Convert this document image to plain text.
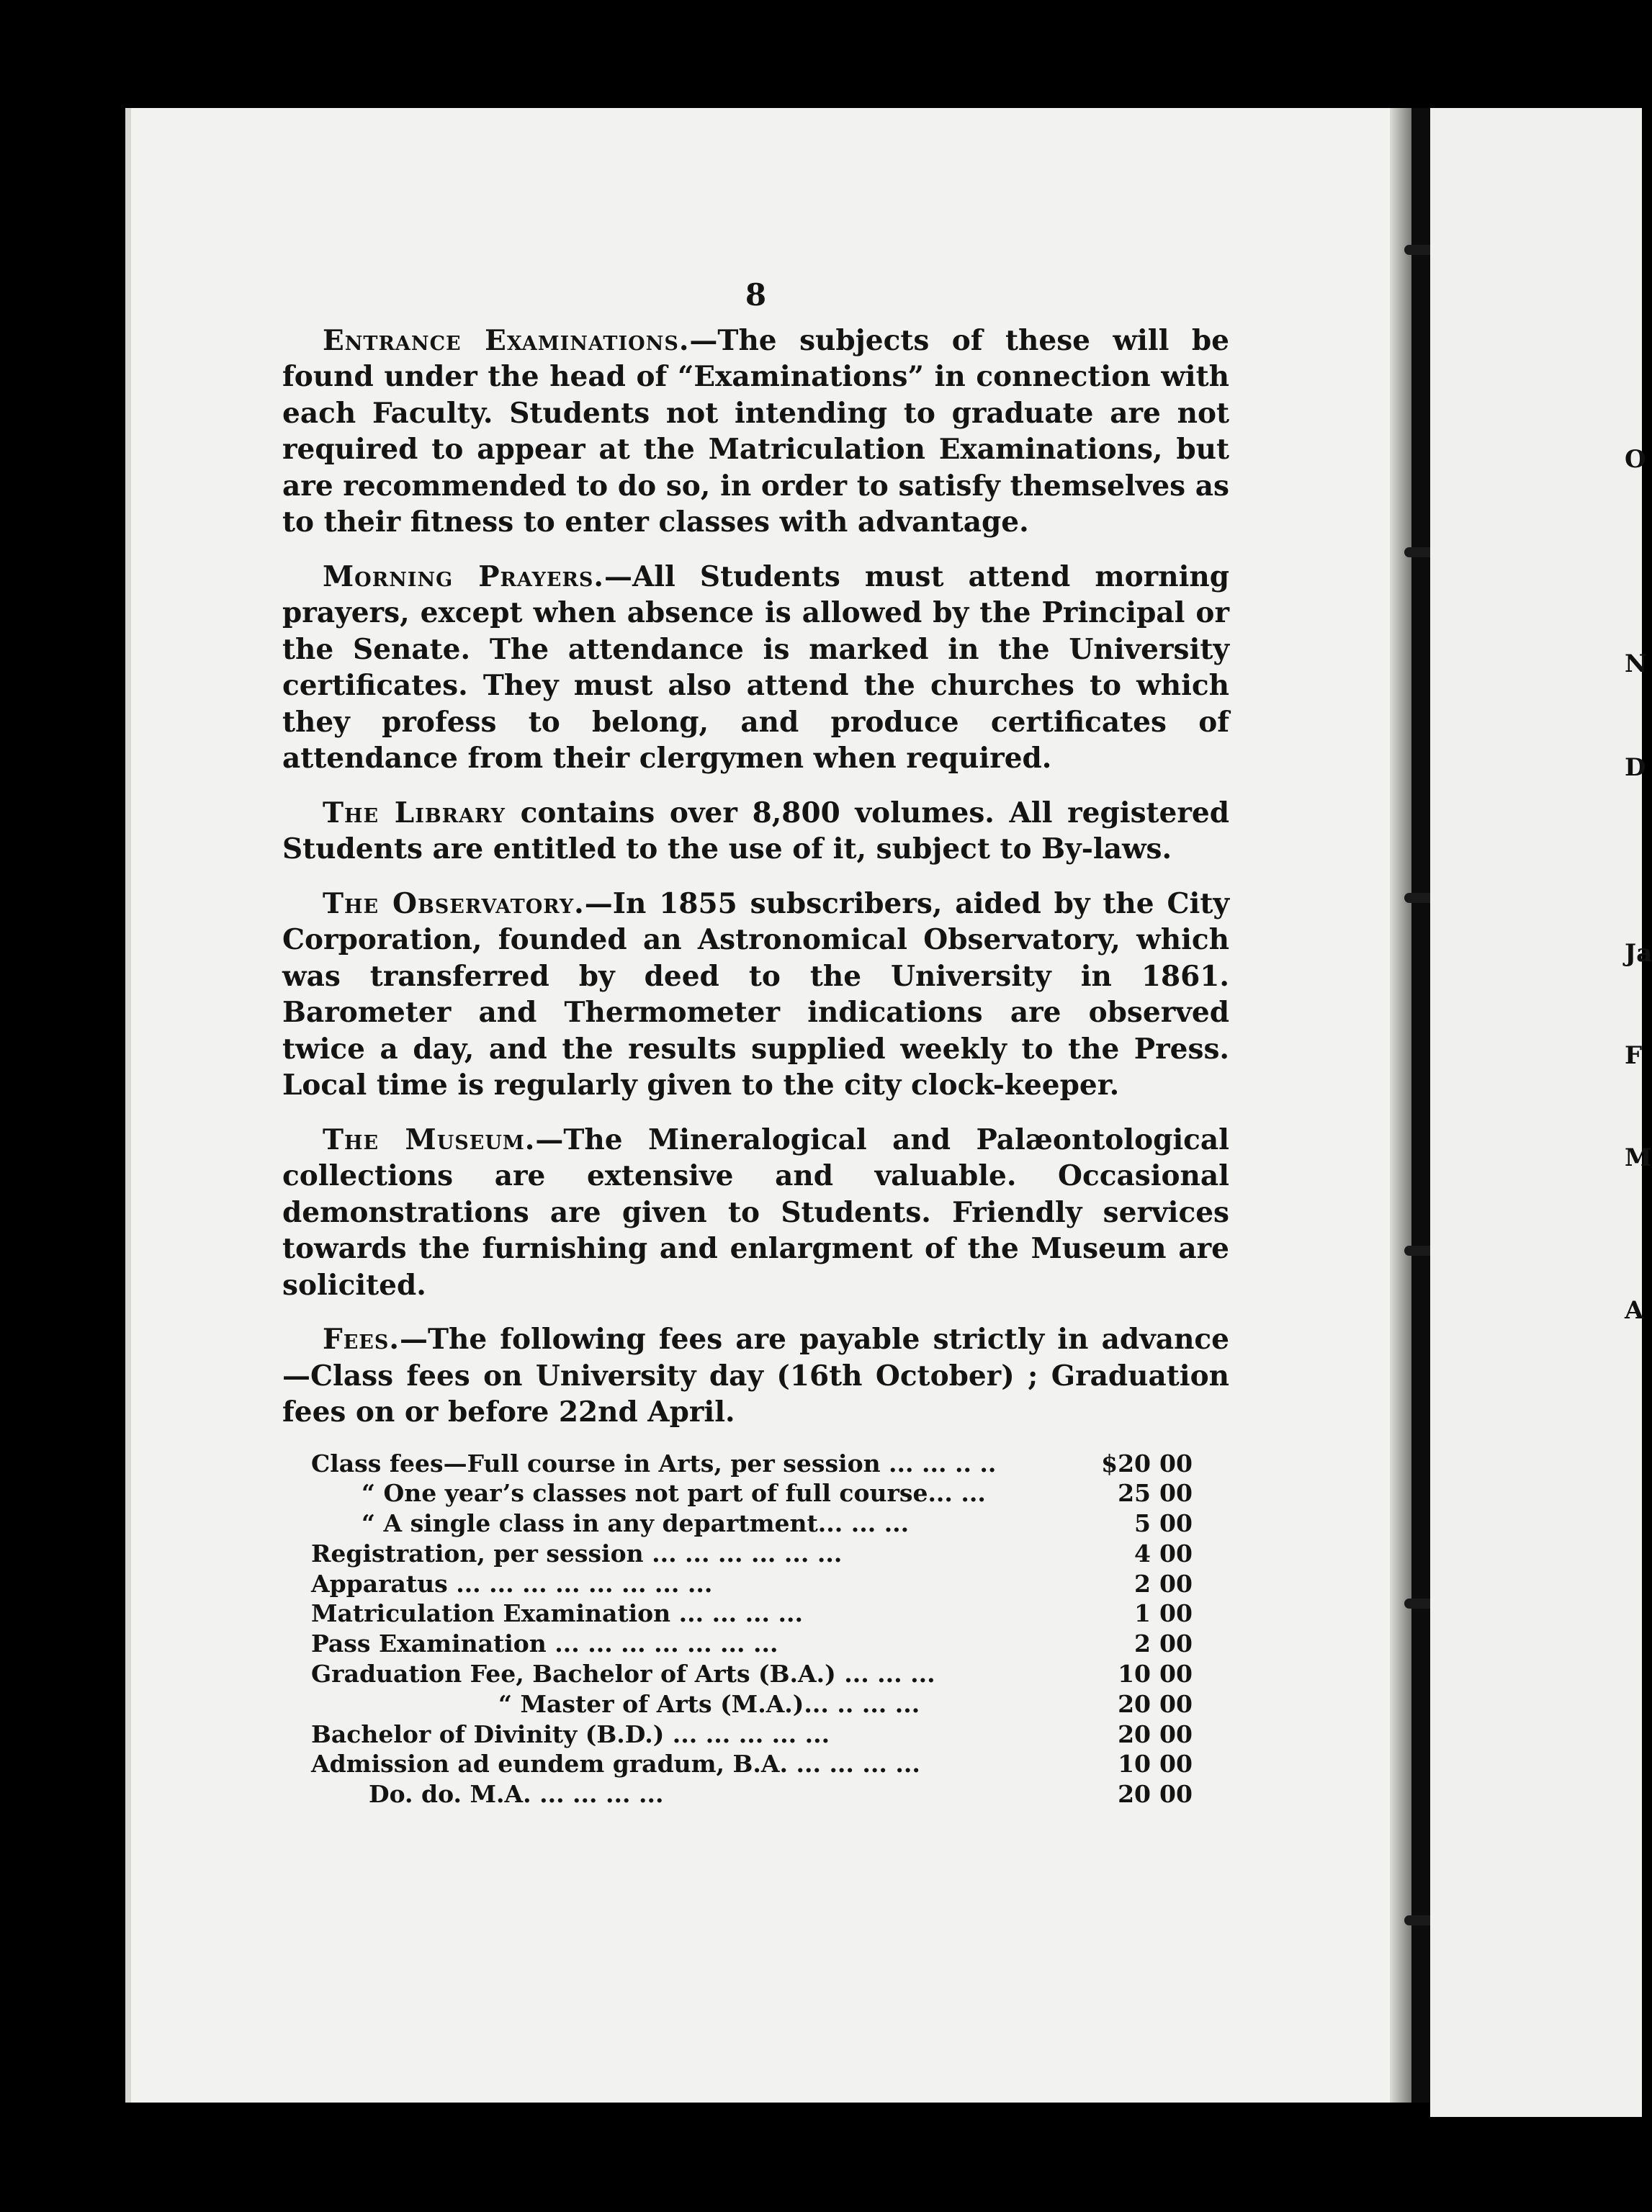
O
N
D
Ja
F
M
A
8

Entrance Examinations.—The subjects of these will be found under the head of “Examinations” in connection with each Faculty. Students not intending to graduate are not required to appear at the Matriculation Examinations, but are recommended to do so, in order to satisfy themselves as to their fitness to enter classes with advantage.

Morning Prayers.—All Students must attend morning prayers, except when absence is allowed by the Principal or the Senate. The attendance is marked in the University certificates. They must also attend the churches to which they profess to belong, and produce certificates of attendance from their clergymen when required.

The Library contains over 8,800 volumes. All registered Students are entitled to the use of it, subject to By-laws.

The Observatory.—In 1855 subscribers, aided by the City Corporation, founded an Astronomical Observatory, which was transferred by deed to the University in 1861. Barometer and Thermometer indications are observed twice a day, and the results supplied weekly to the Press. Local time is regularly given to the city clock-keeper.

The Museum.—The Mineralogical and Palæontological collections are extensive and valuable. Occasional demonstrations are given to Students. Friendly services towards the furnishing and enlargment of the Museum are solicited.

Fees.—The following fees are payable strictly in advance—Class fees on University day (16th October) ; Graduation fees on or before 22nd April.

Class fees—Full course in Arts, per session ... ... .. ..	$20	00
“ One year’s classes not part of full course... ...	25	00
“ A single class in any department... ... ...	5	00
Registration, per session ... ... ... ... ... ...	4	00
Apparatus ... ... ... ... ... ... ... ...	2	00
Matriculation Examination ... ... ... ...	1	00
Pass Examination ... ... ... ... ... ... ...	2	00
Graduation Fee, Bachelor of Arts (B.A.) ... ... ...	10	00
“ Master of Arts (M.A.)... .. ... ...	20	00
Bachelor of Divinity (B.D.) ... ... ... ... ...	20	00
Admission ad eundem gradum, B.A. ... ... ... ...	10	00
Do. do. M.A. ... ... ... ...	20	00
